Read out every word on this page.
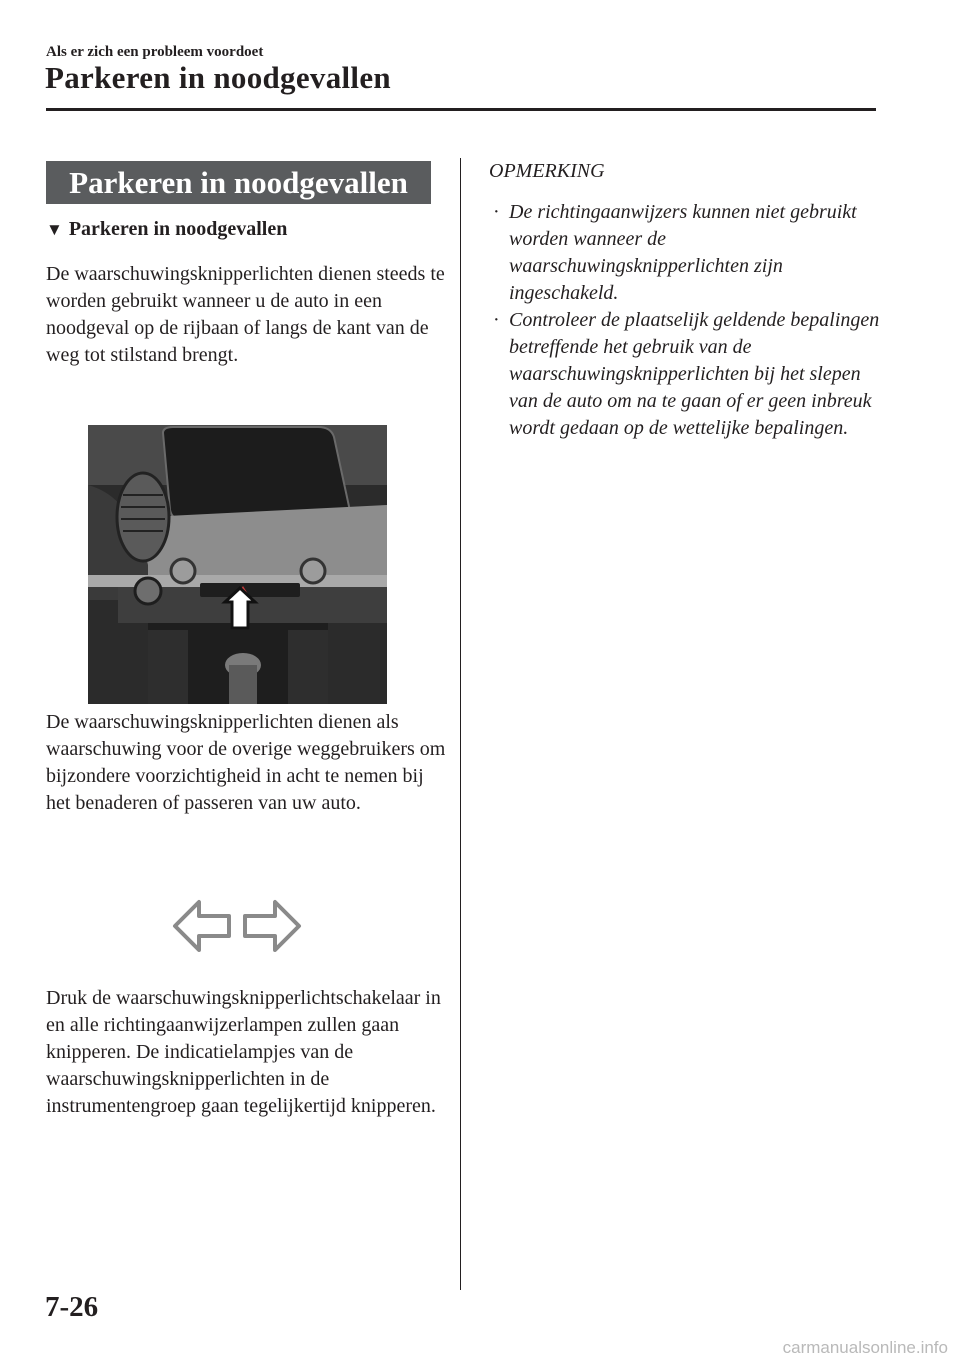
Als er zich een probleem voordoet
Parkeren in noodgevallen
Parkeren in noodgevallen
▼ Parkeren in noodgevallen

De waarschuwingsknipperlichten dienen steeds te worden gebruikt wanneer u de auto in een noodgeval op de rijbaan of langs de kant van de weg tot stilstand brengt.

De waarschuwingsknipperlichten dienen als waarschuwing voor de overige weggebruikers om bijzondere voorzichtigheid in acht te nemen bij het benaderen of passeren van uw auto.

Druk de waarschuwingsknipperlichtschakelaar in en alle richtingaanwijzerlampen zullen gaan knipperen. De indicatielampjes van de waarschuwingsknipperlichten in de instrumentengroep gaan tegelijkertijd knipperen.

OPMERKING
· De richtingaanwijzers kunnen niet gebruikt worden wanneer de waarschuwingsknipperlichten zijn ingeschakeld.
· Controleer de plaatselijk geldende bepalingen betreffende het gebruik van de waarschuwingsknipperlichten bij het slepen van de auto om na te gaan of er geen inbreuk wordt gedaan op de wettelijke bepalingen.
7-26
carmanualsonline.info
